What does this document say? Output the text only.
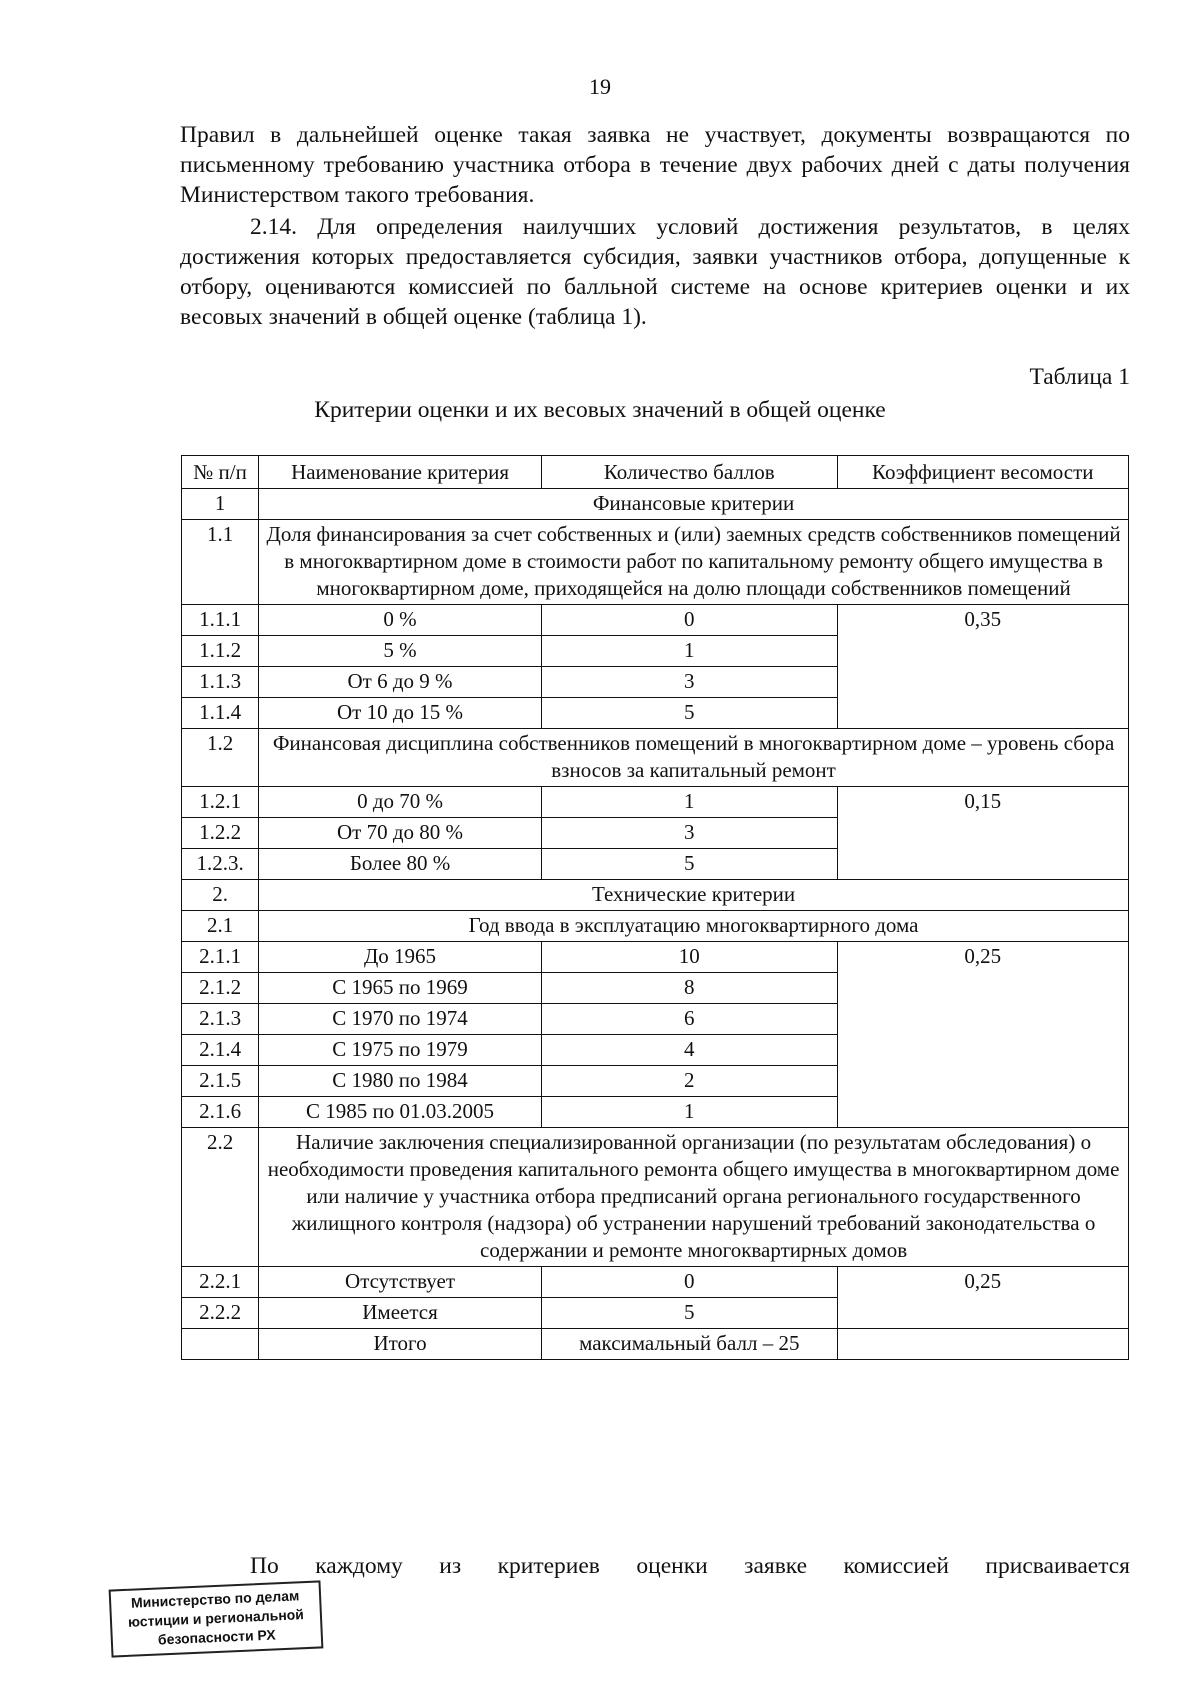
19

Правил в дальнейшей оценке такая заявка не участвует, документы возвращаются по письменному требованию участника отбора в течение двух рабочих дней с даты получения Министерством такого требования.

2.14. Для определения наилучших условий достижения результатов, в целях достижения которых предоставляется субсидия, заявки участников отбора, допущенные к отбору, оцениваются комиссией по балльной системе на основе критериев оценки и их весовых значений в общей оценке (таблица 1).

Таблица 1
Критерии оценки и их весовых значений в общей оценке
№ п/п	Наименование критерия	Количество баллов	Коэффициент весомости
1	Финансовые критерии		
1.1	Доля финансирования за счет собственных и (или) заемных средств собственников помещений в многоквартирном доме в стоимости работ по капитальному ремонту общего имущества в многоквартирном доме, приходящейся на долю площади собственников помещений		
1.1.1	0 %	0	0,35
1.1.2	5 %	1	
1.1.3	От 6 до 9 %	3	
1.1.4	От 10 до 15 %	5	
1.2	Финансовая дисциплина собственников помещений в многоквартирном доме – уровень сбора взносов за капитальный ремонт		
1.2.1	0 до 70 %	1	0,15
1.2.2	От 70 до 80 %	3	
1.2.3.	Более 80 %	5	
2.	Технические критерии		
2.1	Год ввода в эксплуатацию многоквартирного дома		
2.1.1	До 1965	10	0,25
2.1.2	С 1965 по 1969	8	
2.1.3	С 1970 по 1974	6	
2.1.4	С 1975 по 1979	4	
2.1.5	С 1980 по 1984	2	
2.1.6	С 1985 по 01.03.2005	1	
2.2	Наличие заключения специализированной организации (по результатам обследования) о необходимости проведения капитального ремонта общего имущества в многоквартирном доме или наличие у участника отбора предписаний органа регионального государственного жилищного контроля (надзора) об устранении нарушений требований законодательства о содержании и ремонте многоквартирных домов		
2.2.1	Отсутствует	0	0,25
2.2.2	Имеется	5	
	Итого	максимальный балл – 25	
По каждому из критериев оценки заявке комиссией присваивается
Министерство по делам
юстиции и региональной
безопасности РХ
